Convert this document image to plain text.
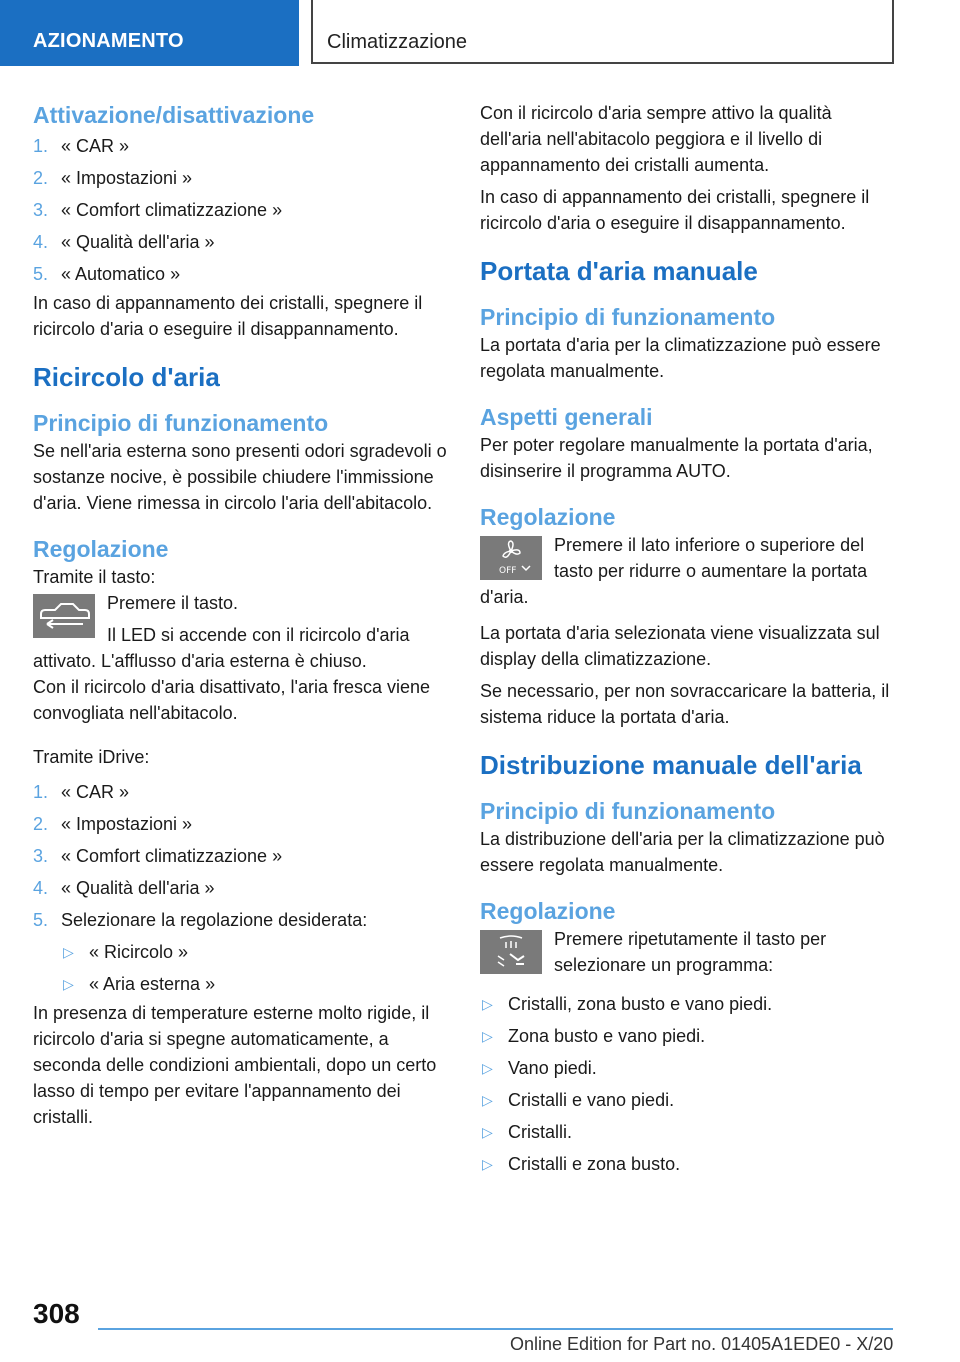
AZIONAMENTO	Climatizzazione
Attivazione/disattivazione
1. « CAR »
2. « Impostazioni »
3. « Comfort climatizzazione »
4. « Qualità dell'aria »
5. « Automatico »

In caso di appannamento dei cristalli, spegnere il ricircolo d'aria o eseguire il disappannamento.

Ricircolo d'aria
Principio di funzionamento

Se nell'aria esterna sono presenti odori sgradevoli o sostanze nocive, è possibile chiudere l'immissione d'aria. Viene rimessa in circolo l'aria dell'abitacolo.

Regolazione

Tramite il tasto:

Premere il tasto.

Il LED si accende con il ricircolo d'aria attivato. L'afflusso d'aria esterna è chiuso.

Con il ricircolo d'aria disattivato, l'aria fresca viene convogliata nell'abitacolo.

Tramite iDrive:

1. « CAR »
2. « Impostazioni »
3. « Comfort climatizzazione »
4. « Qualità dell'aria »
5. Selezionare la regolazione desiderata:
▷ « Ricircolo »
▷ « Aria esterna »

In presenza di temperature esterne molto rigide, il ricircolo d'aria si spegne automaticamente, a seconda delle condizioni ambientali, dopo un certo lasso di tempo per evitare l'appannamento dei cristalli.

Con il ricircolo d'aria sempre attivo la qualità dell'aria nell'abitacolo peggiora e il livello di appannamento dei cristalli aumenta.

In caso di appannamento dei cristalli, spegnere il ricircolo d'aria o eseguire il disappannamento.

Portata d'aria manuale
Principio di funzionamento

La portata d'aria per la climatizzazione può essere regolata manualmente.

Aspetti generali

Per poter regolare manualmente la portata d'aria, disinserire il programma AUTO.

Regolazione
OFF

Premere il lato inferiore o superiore del tasto per ridurre o aumentare la portata d'aria.

La portata d'aria selezionata viene visualizzata sul display della climatizzazione.

Se necessario, per non sovraccaricare la batteria, il sistema riduce la portata d'aria.

Distribuzione manuale dell'aria
Principio di funzionamento

La distribuzione dell'aria per la climatizzazione può essere regolata manualmente.

Regolazione

Premere ripetutamente il tasto per selezionare un programma:

▷ Cristalli, zona busto e vano piedi.
▷ Zona busto e vano piedi.
▷ Vano piedi.
▷ Cristalli e vano piedi.
▷ Cristalli.
▷ Cristalli e zona busto.
308
Online Edition for Part no. 01405A1EDE0 - X/20
